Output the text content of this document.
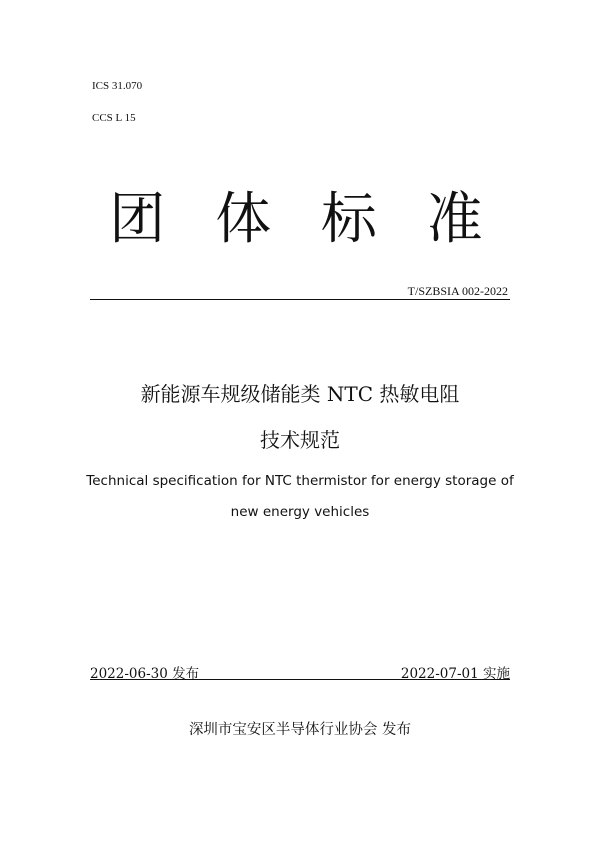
ICS 31.070
CCS L 15
团 体 标 准
T/SZBSIA 002-2022
新能源车规级储能类 NTC 热敏电阻
技术规范
Technical specification for NTC thermistor for energy storage of
new energy vehicles
2022-06-30 发布	2022-07-01 实施
深圳市宝安区半导体行业协会 发布
